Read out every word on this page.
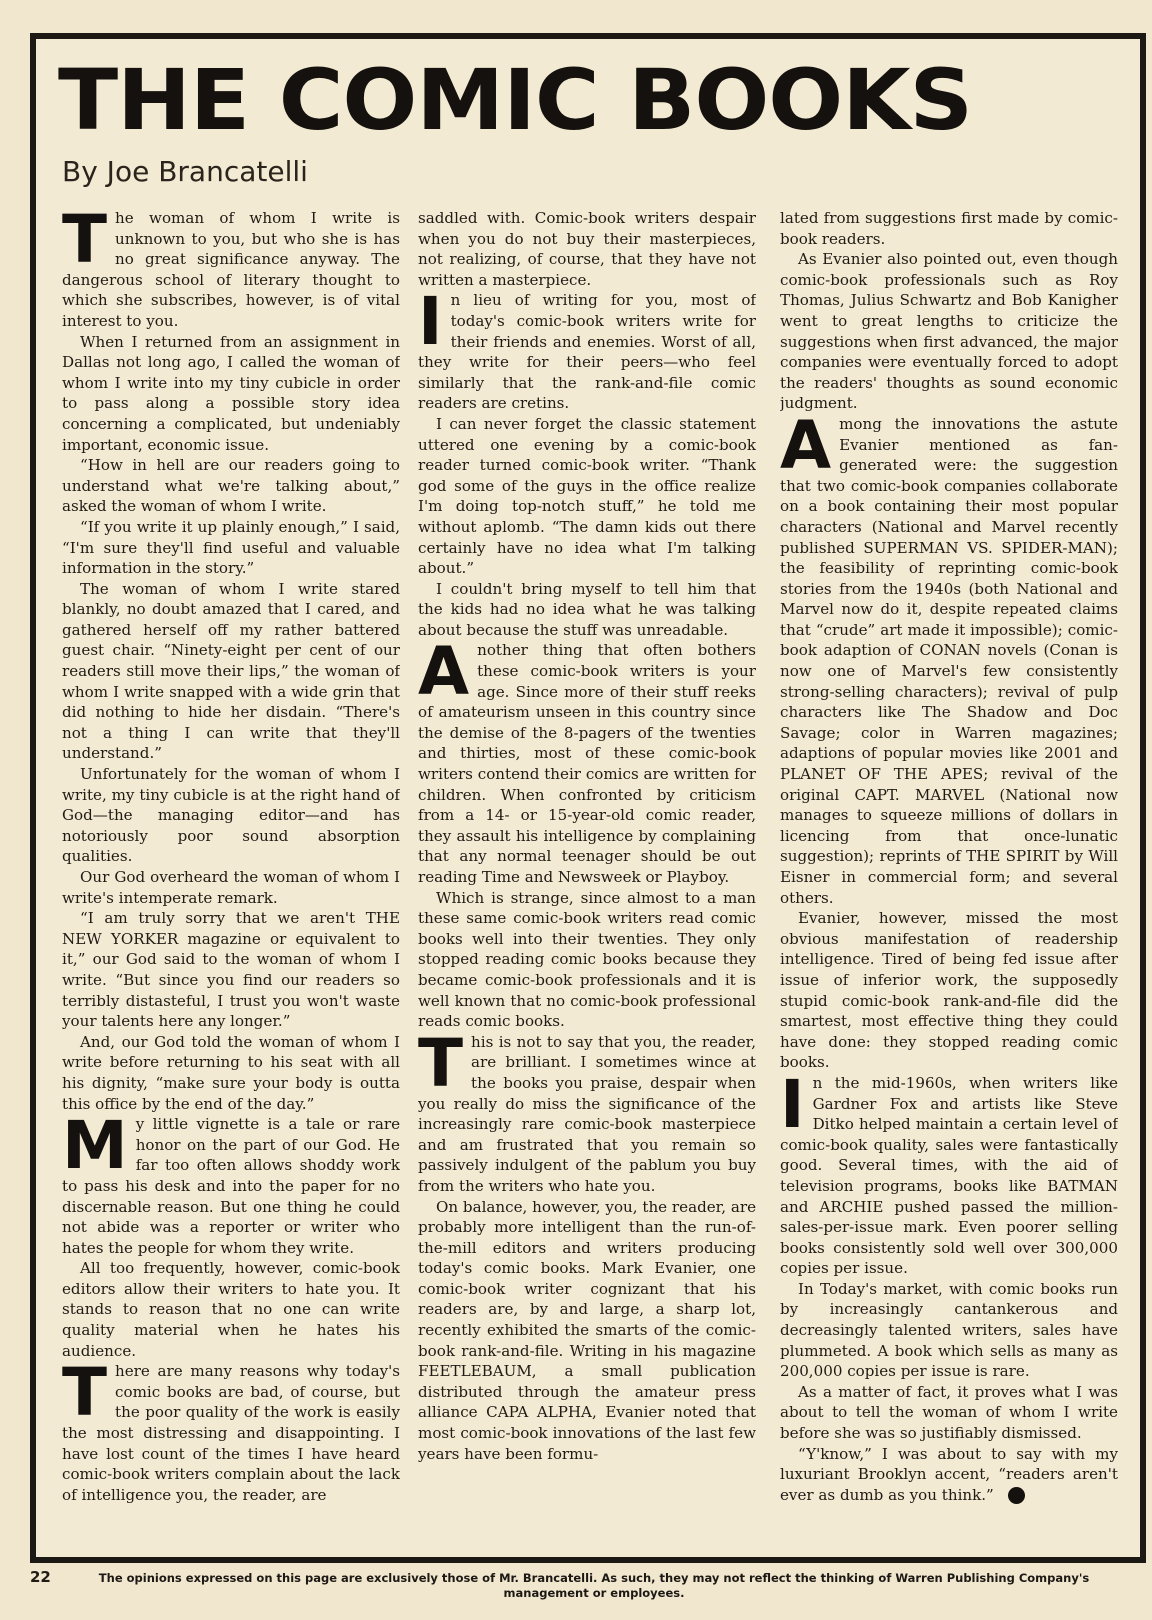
THE COMIC BOOKS
By Joe Brancatelli

The woman of whom I write is unknown to you, but who she is has no great significance anyway. The dangerous school of literary thought to which she subscribes, however, is of vital interest to you.

When I returned from an assignment in Dallas not long ago, I called the woman of whom I write into my tiny cubicle in order to pass along a possible story idea concerning a complicated, but undeniably important, economic issue.

“How in hell are our readers going to understand what we're talking about,” asked the woman of whom I write.

“If you write it up plainly enough,” I said, “I'm sure they'll find useful and valuable information in the story.”

The woman of whom I write stared blankly, no doubt amazed that I cared, and gathered herself off my rather battered guest chair. “Ninety-eight per cent of our readers still move their lips,” the woman of whom I write snapped with a wide grin that did nothing to hide her disdain. “There's not a thing I can write that they'll understand.”

Unfortunately for the woman of whom I write, my tiny cubicle is at the right hand of God—the managing editor—and has notoriously poor sound absorption qualities.

Our God overheard the woman of whom I write's intemperate remark.

“I am truly sorry that we aren't THE NEW YORKER magazine or equivalent to it,” our God said to the woman of whom I write. “But since you find our readers so terribly distasteful, I trust you won't waste your talents here any longer.”

And, our God told the woman of whom I write before returning to his seat with all his dignity, “make sure your body is outta this office by the end of the day.”

My little vignette is a tale or rare honor on the part of our God. He far too often allows shoddy work to pass his desk and into the paper for no discernable reason. But one thing he could not abide was a reporter or writer who hates the people for whom they write.

All too frequently, however, comic-book editors allow their writers to hate you. It stands to reason that no one can write quality material when he hates his audience.

There are many reasons why today's comic books are bad, of course, but the poor quality of the work is easily the most distressing and disappointing. I have lost count of the times I have heard comic-book writers complain about the lack of intelligence you, the reader, are

saddled with. Comic-book writers despair when you do not buy their masterpieces, not realizing, of course, that they have not written a masterpiece.

In lieu of writing for you, most of today's comic-book writers write for their friends and enemies. Worst of all, they write for their peers—who feel similarly that the rank-and-file comic readers are cretins.

I can never forget the classic statement uttered one evening by a comic-book reader turned comic-book writer. “Thank god some of the guys in the office realize I'm doing top-notch stuff,” he told me without aplomb. “The damn kids out there certainly have no idea what I'm talking about.”

I couldn't bring myself to tell him that the kids had no idea what he was talking about because the stuff was unreadable.

Another thing that often bothers these comic-book writers is your age. Since more of their stuff reeks of amateurism unseen in this country since the demise of the 8-pagers of the twenties and thirties, most of these comic-book writers contend their comics are written for children. When confronted by criticism from a 14- or 15-year-old comic reader, they assault his intelligence by complaining that any normal teenager should be out reading Time and Newsweek or Playboy.

Which is strange, since almost to a man these same comic-book writers read comic books well into their twenties. They only stopped reading comic books because they became comic-book professionals and it is well known that no comic-book professional reads comic books.

This is not to say that you, the reader, are brilliant. I sometimes wince at the books you praise, despair when you really do miss the significance of the increasingly rare comic-book masterpiece and am frustrated that you remain so passively indulgent of the pablum you buy from the writers who hate you.

On balance, however, you, the reader, are probably more intelligent than the run-of-the-mill editors and writers producing today's comic books. Mark Evanier, one comic-book writer cognizant that his readers are, by and large, a sharp lot, recently exhibited the smarts of the comic-book rank-and-file. Writing in his magazine FEETLEBAUM, a small publication distributed through the amateur press alliance CAPA ALPHA, Evanier noted that most comic-book innovations of the last few years have been formu-

lated from suggestions first made by comic-book readers.

As Evanier also pointed out, even though comic-book professionals such as Roy Thomas, Julius Schwartz and Bob Kanigher went to great lengths to criticize the suggestions when first advanced, the major companies were eventually forced to adopt the readers' thoughts as sound economic judgment.

Among the innovations the astute Evanier mentioned as fan-generated were: the suggestion that two comic-book companies collaborate on a book containing their most popular characters (National and Marvel recently published SUPERMAN VS. SPIDER-MAN); the feasibility of reprinting comic-book stories from the 1940s (both National and Marvel now do it, despite repeated claims that “crude” art made it impossible); comic-book adaption of CONAN novels (Conan is now one of Marvel's few consistently strong-selling characters); revival of pulp characters like The Shadow and Doc Savage; color in Warren magazines; adaptions of popular movies like 2001 and PLANET OF THE APES; revival of the original CAPT. MARVEL (National now manages to squeeze millions of dollars in licencing from that once-lunatic suggestion); reprints of THE SPIRIT by Will Eisner in commercial form; and several others.

Evanier, however, missed the most obvious manifestation of readership intelligence. Tired of being fed issue after issue of inferior work, the supposedly stupid comic-book rank-and-file did the smartest, most effective thing they could have done: they stopped reading comic books.

In the mid-1960s, when writers like Gardner Fox and artists like Steve Ditko helped maintain a certain level of comic-book quality, sales were fantastically good. Several times, with the aid of television programs, books like BATMAN and ARCHIE pushed passed the million-sales-per-issue mark. Even poorer selling books consistently sold well over 300,000 copies per issue.

In Today's market, with comic books run by increasingly cantankerous and decreasingly talented writers, sales have plummeted. A book which sells as many as 200,000 copies per issue is rare.

As a matter of fact, it proves what I was about to tell the woman of whom I write before she was so justifiably dismissed.

“Y'know,” I was about to say with my luxuriant Brooklyn accent, “readers aren't ever as dumb as you think.”

22	The opinions expressed on this page are exclusively those of Mr. Brancatelli. As such, they may not reflect the thinking of Warren Publishing Company's management or employees.
